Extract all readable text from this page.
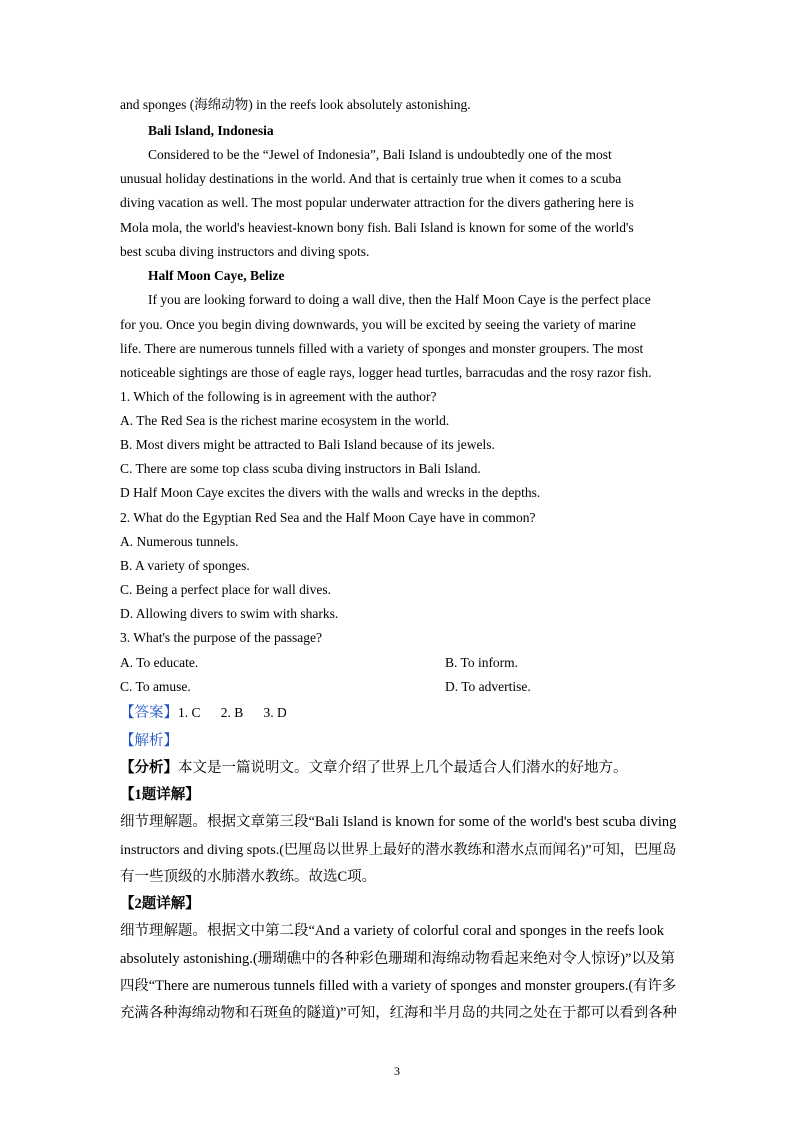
and sponges (海绵动物) in the reefs look absolutely astonishing.
Bali Island, Indonesia
Considered to be the “Jewel of Indonesia”, Bali Island is undoubtedly one of the most
unusual holiday destinations in the world. And that is certainly true when it comes to a scuba
diving vacation as well. The most popular underwater attraction for the divers gathering here is
Mola mola, the world's heaviest-known bony fish. Bali Island is known for some of the world's
best scuba diving instructors and diving spots.
Half Moon Caye, Belize
If you are looking forward to doing a wall dive, then the Half Moon Caye is the perfect place
for you. Once you begin diving downwards, you will be excited by seeing the variety of marine
life. There are numerous tunnels filled with a variety of sponges and monster groupers. The most
noticeable sightings are those of eagle rays, logger head turtles, barracudas and the rosy razor fish.
1. Which of the following is in agreement with the author?
A. The Red Sea is the richest marine ecosystem in the world.
B. Most divers might be attracted to Bali Island because of its jewels.
C. There are some top class scuba diving instructors in Bali Island.
D Half Moon Caye excites the divers with the walls and wrecks in the depths.
2. What do the Egyptian Red Sea and the Half Moon Caye have in common?
A. Numerous tunnels.
B. A variety of sponges.
C. Being a perfect place for wall dives.
D. Allowing divers to swim with sharks.
3. What's the purpose of the passage?
A. To educate.	B. To inform.
C. To amuse.	D. To advertise.
【答案】1. C      2. B      3. D
【解析】
【分析】本文是一篇说明文。文章介绍了世界上几个最适合人们潜水的好地方。
【1题详解】
细节理解题。根据文章第三段“Bali Island is known for some of the world's best scuba diving
instructors and diving spots.(巴厘岛以世界上最好的潜水教练和潜水点而闻名)”可知，巴厘岛
有一些顶级的水肺潜水教练。故选C项。
【2题详解】
细节理解题。根据文中第二段“And a variety of colorful coral and sponges in the reefs look
absolutely astonishing.(珊瑚礁中的各种彩色珊瑚和海绵动物看起来绝对令人惊讶)”以及第
四段“There are numerous tunnels filled with a variety of sponges and monster groupers.(有许多
充满各种海绵动物和石斑鱼的隧道)”可知，红海和半月岛的共同之处在于都可以看到各种
3
